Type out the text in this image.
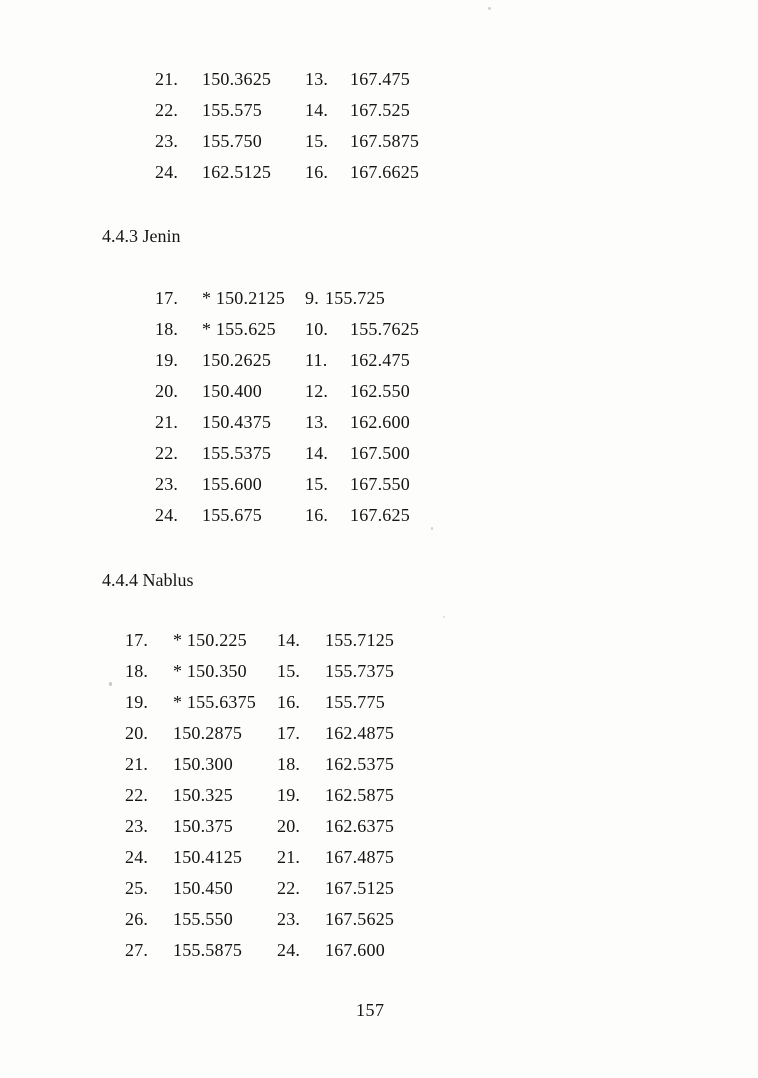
21. 150.3625 13. 167.475
22. 155.575 14. 167.525
23. 155.750 15. 167.5875
24. 162.5125 16. 167.6625
4.4.3 Jenin
17. * 150.2125 9. 155.725
18. * 155.625 10. 155.7625
19. 150.2625 11. 162.475
20. 150.400 12. 162.550
21. 150.4375 13. 162.600
22. 155.5375 14. 167.500
23. 155.600 15. 167.550
24. 155.675 16. 167.625
4.4.4 Nablus
17. * 150.225 14. 155.7125
18. * 150.350 15. 155.7375
19. * 155.6375 16. 155.775
20. 150.2875 17. 162.4875
21. 150.300 18. 162.5375
22. 150.325 19. 162.5875
23. 150.375 20. 162.6375
24. 150.4125 21. 167.4875
25. 150.450 22. 167.5125
26. 155.550 23. 167.5625
27. 155.5875 24. 167.600
157
